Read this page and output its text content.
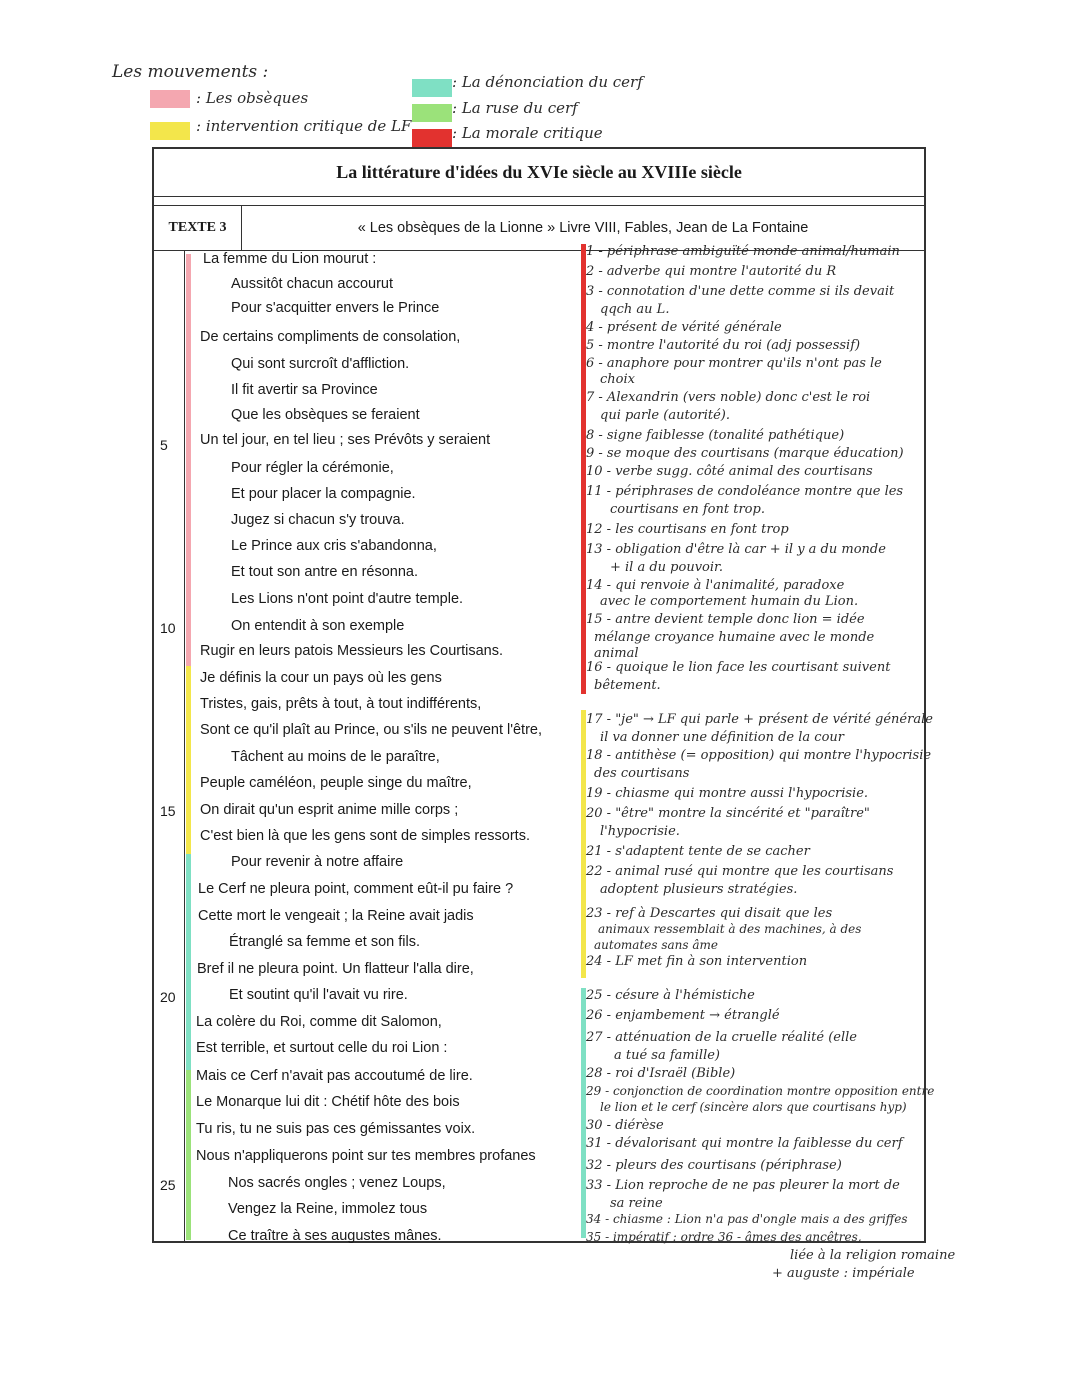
Les mouvements :
: Les obsèques
: intervention critique de LF
: La dénonciation du cerf
: La ruse du cerf
: La morale critique
La littérature d'idées du XVIe siècle au XVIIIe siècle
TEXTE 3	« Les obsèques de la Lionne » Livre VIII, Fables, Jean de La Fontaine
5
10
15
20
25
La femme du Lion mourut :
Aussitôt chacun accourut
Pour s'acquitter envers le Prince
De certains compliments de consolation,
Qui sont surcroît d'affliction.
Il fit avertir sa Province
Que les obsèques se feraient
Un tel jour, en tel lieu ; ses Prévôts y seraient
Pour régler la cérémonie,
Et pour placer la compagnie.
Jugez si chacun s'y trouva.
Le Prince aux cris s'abandonna,
Et tout son antre en résonna.
Les Lions n'ont point d'autre temple.
On entendit à son exemple
Rugir en leurs patois Messieurs les Courtisans.
Je définis la cour un pays où les gens
Tristes, gais, prêts à tout, à tout indifférents,
Sont ce qu'il plaît au Prince, ou s'ils ne peuvent l'être,
Tâchent au moins de le paraître,
Peuple caméléon, peuple singe du maître,
On dirait qu'un esprit anime mille corps ;
C'est bien là que les gens sont de simples ressorts.
Pour revenir à notre affaire
Le Cerf ne pleura point, comment eût-il pu faire ?
Cette mort le vengeait ; la Reine avait jadis
Étranglé sa femme et son fils.
Bref il ne pleura point. Un flatteur l'alla dire,
Et soutint qu'il l'avait vu rire.
La colère du Roi, comme dit Salomon,
Est terrible, et surtout celle du roi Lion :
Mais ce Cerf n'avait pas accoutumé de lire.
Le Monarque lui dit : Chétif hôte des bois
Tu ris, tu ne suis pas ces gémissantes voix.
Nous n'appliquerons point sur tes membres profanes
Nos sacrés ongles ; venez Loups,
Vengez la Reine, immolez tous
Ce traître à ses augustes mânes.
1 - périphrase ambiguïté monde animal/humain
2 - adverbe qui montre l'autorité du R
3 - connotation d'une dette comme si ils devait
qqch au L.
4 - présent de vérité générale
5 - montre l'autorité du roi (adj possessif)
6 - anaphore pour montrer qu'ils n'ont pas le
choix
7 - Alexandrin (vers noble) donc c'est le roi
qui parle (autorité).
8 - signe faiblesse (tonalité pathétique)
9 - se moque des courtisans (marque éducation)
10 - verbe sugg. côté animal des courtisans
11 - périphrases de condoléance montre que les
courtisans en font trop.
12 - les courtisans en font trop
13 - obligation d'être là car + il y a du monde
+ il a du pouvoir.
14 - qui renvoie à l'animalité, paradoxe
avec le comportement humain du Lion.
15 - antre devient temple donc lion = idée
mélange croyance humaine avec le monde
animal
16 - quoique le lion face les courtisant suivent
bêtement.
17 - "je" → LF qui parle + présent de vérité générale
il va donner une définition de la cour
18 - antithèse (= opposition) qui montre l'hypocrisie
des courtisans
19 - chiasme qui montre aussi l'hypocrisie.
20 - "être" montre la sincérité et "paraître"
l'hypocrisie.
21 - s'adaptent tente de se cacher
22 - animal rusé qui montre que les courtisans
adoptent plusieurs stratégies.
23 - ref à Descartes qui disait que les
animaux ressemblait à des machines, à des
automates sans âme
24 - LF met fin à son intervention
25 - césure à l'hémistiche
26 - enjambement → étranglé
27 - atténuation de la cruelle réalité (elle
a tué sa famille)
28 - roi d'Israël (Bible)
29 - conjonction de coordination montre opposition entre
le lion et le cerf (sincère alors que courtisans hyp)
30 - diérèse
31 - dévalorisant qui montre la faiblesse du cerf
32 - pleurs des courtisans (périphrase)
33 - Lion reproche de ne pas pleurer la mort de
sa reine
34 - chiasme : Lion n'a pas d'ongle mais a des griffes
35 - impératif : ordre 36 - âmes des ancêtres,
liée à la religion romaine
+ auguste : impériale
